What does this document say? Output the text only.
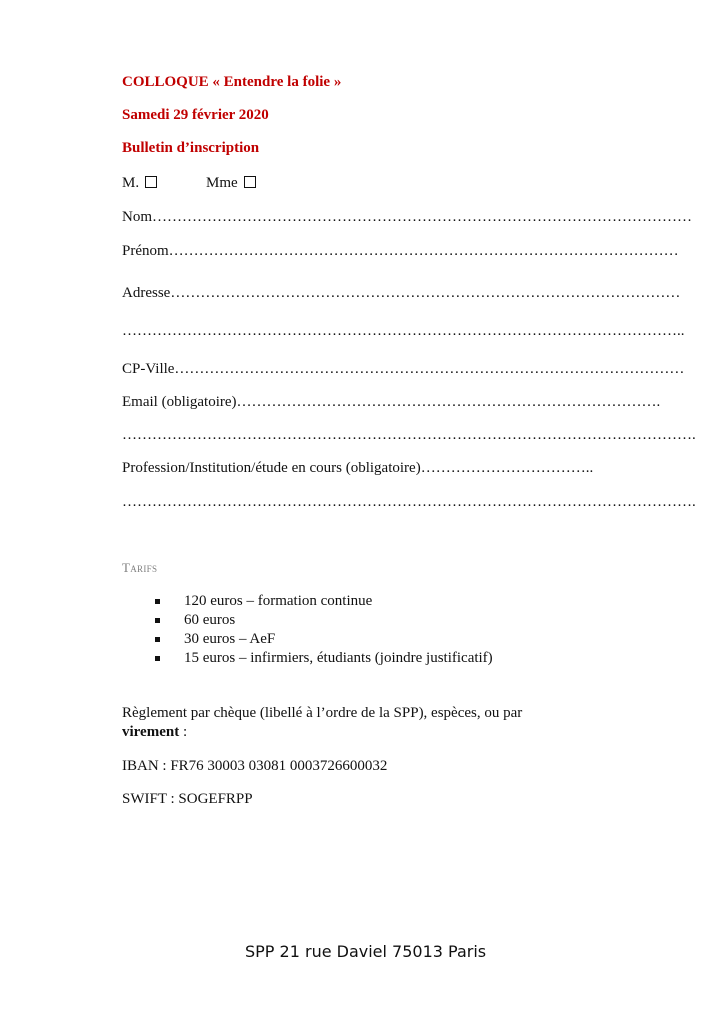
COLLOQUE « Entendre la folie »
Samedi 29 février 2020
Bulletin d’inscription
M.	Mme
Nom………………………………………………………………………………………………
Prénom…………………………………………………………………………………………
Adresse…………………………………………………………………………………………
…………………………………………………………………………………………………..
CP-Ville…………………………………………………………………………………………
Email (obligatoire)………………………………………………………………………….
…………………………………………………………………………………………………….
Profession/Institution/étude en cours (obligatoire)……………………………..
…………………………………………………………………………………………………….
Tarifs
120 euros – formation continue
60 euros
30 euros – AeF
15 euros – infirmiers, étudiants (joindre justificatif)
Règlement par chèque (libellé à l’ordre de la SPP), espèces, ou par
virement :
IBAN : FR76 30003 03081 0003726600032
SWIFT : SOGEFRPP
SPP 21 rue Daviel 75013 Paris
